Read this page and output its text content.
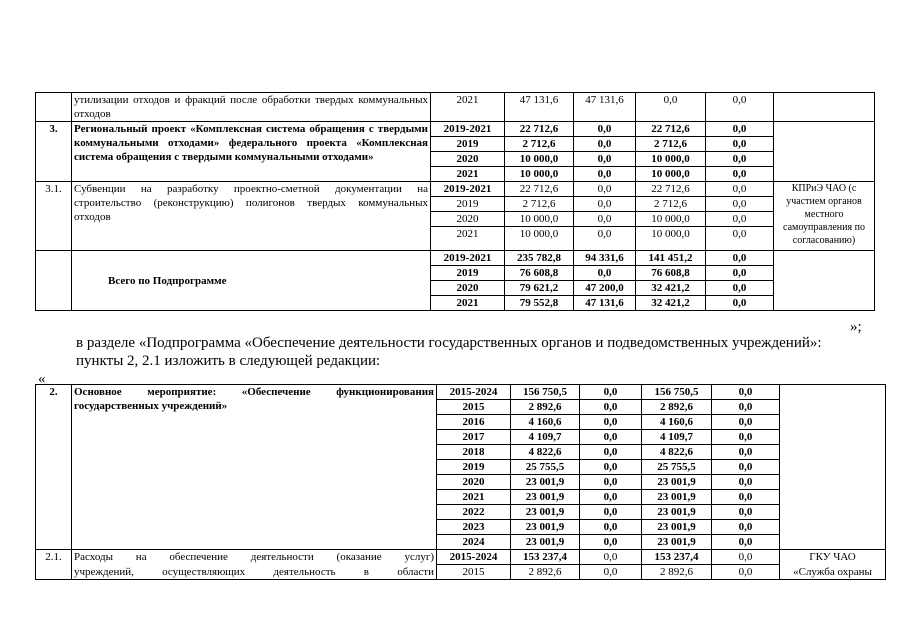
	утилизации отходов и фракций после обработки твердых коммунальных отходов	2021	47 131,6	47 131,6	0,0	0,0	
3.	Региональный проект «Комплексная система обращения с твердыми коммунальными отходами» федерального проекта «Комплексная система обращения с твердыми коммунальными отходами»	2019-2021	22 712,6	0,0	22 712,6	0,0	
		2019	2 712,6	0,0	2 712,6	0,0	
		2020	10 000,0	0,0	10 000,0	0,0	
		2021	10 000,0	0,0	10 000,0	0,0	
3.1.	Субвенции на разработку проектно-сметной документации на строительство (реконструкцию) полигонов твердых коммунальных отходов	2019-2021	22 712,6	0,0	22 712,6	0,0	КПРиЭ ЧАО (с участием органов местного самоуправления по согласованию)
		2019	2 712,6	0,0	2 712,6	0,0	
		2020	10 000,0	0,0	10 000,0	0,0	
		2021	10 000,0	0,0	10 000,0	0,0	
	Всего по Подпрограмме	2019-2021	235 782,8	94 331,6	141 451,2	0,0	
		2019	76 608,8	0,0	76 608,8	0,0	
		2020	79 621,2	47 200,0	32 421,2	0,0	
		2021	79 552,8	47 131,6	32 421,2	0,0	
»;
в разделе «Подпрограмма «Обеспечение деятельности государственных органов и подведомственных учреждений»:
пункты 2, 2.1 изложить в следующей редакции:
«
2.	Основное мероприятие: «Обеспечение функционирования государственных учреждений»	2015-2024	156 750,5	0,0	156 750,5	0,0	
		2015	2 892,6	0,0	2 892,6	0,0	
		2016	4 160,6	0,0	4 160,6	0,0	
		2017	4 109,7	0,0	4 109,7	0,0	
		2018	4 822,6	0,0	4 822,6	0,0	
		2019	25 755,5	0,0	25 755,5	0,0	
		2020	23 001,9	0,0	23 001,9	0,0	
		2021	23 001,9	0,0	23 001,9	0,0	
		2022	23 001,9	0,0	23 001,9	0,0	
		2023	23 001,9	0,0	23 001,9	0,0	
		2024	23 001,9	0,0	23 001,9	0,0	
2.1.	Расходы на обеспечение деятельности (оказание услуг)	2015-2024	153 237,4	0,0	153 237,4	0,0	ГКУ ЧАО
	учреждений, осуществляющих деятельность в области	2015	2 892,6	0,0	2 892,6	0,0	«Служба охраны
